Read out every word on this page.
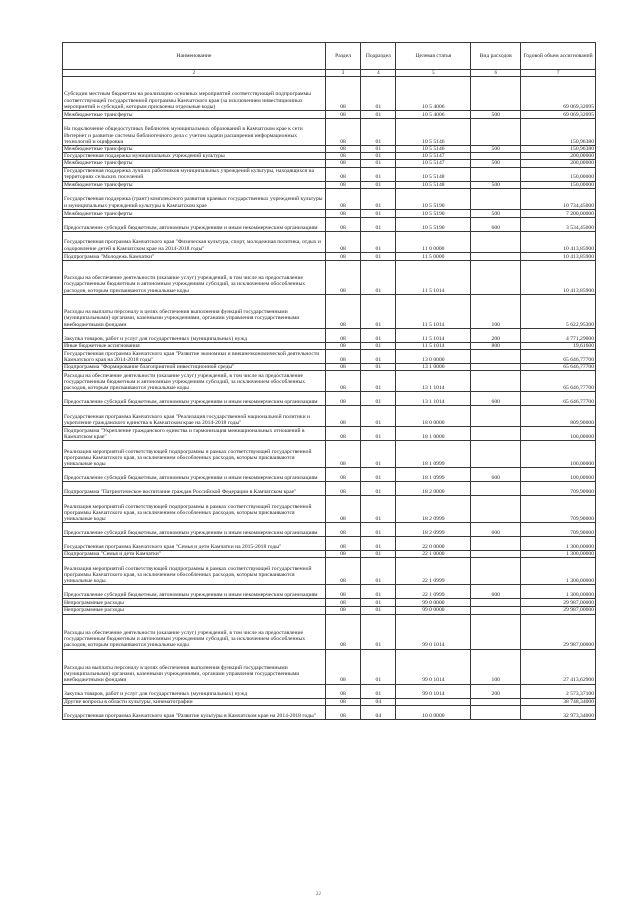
Наименование	Раздел	Подраздел	Целевая статья	Вид расходов	Годовой объем ассигнований
2	3	4	5	6	7
Субсидии местным бюджетам на реализацию основных мероприятий соответствующей подпрограммы соответствующей государственной программы Камчатского края (за исключением инвестиционных мероприятий и субсидий, которым присвоены отдельные коды)	08	01	10 5 4006		69 069,32095
Межбюджетные трансферты	08	01	10 5 4006	500	69 069,32095
На подключение общедоступных библиотек муниципальных образований в Камчатском крае к сети Интернет и развитие системы библиотечного дела с учетом задачи расширения информационных технологий и оцифровки	08	01	10 5 5146		150,96380
Межбюджетные трансферты	08	01	10 5 5146	500	150,96380
Государственная поддержка муниципальных учреждений культуры	08	01	10 5 5147		200,00000
Межбюджетные трансферты	08	01	10 5 5147	500	200,00000
Государственная поддержка лучших работников муниципальных учреждений культуры, находящихся на территориях сельских поселений	08	01	10 5 5148		150,00000
Межбюджетные трансферты	08	01	10 5 5148	500	150,00000
Государственная поддержка (грант) комплексного развития краевых государственных учреждений культуры и муниципальных учреждений культуры в Камчатском крае	08	01	10 5 5190		10 734,45000
Межбюджетные трансферты	08	01	10 5 5190	500	7 200,00000
Предоставление субсидий бюджетным, автономным учреждениям и иным некоммерческим организациям	08	01	10 5 5190	600	3 534,45000
Государственная программа Камчатского края "Физическая культура, спорт, молодежная политика, отдых и оздоровление детей в Камчатском крае на 2014-2018 годы"	08	01	11 0 0000		10 413,85900
Подпрограмма "Молодежь Камчатки"	08	01	11 5 0000		10 413,85900
Расходы на обеспечение деятельности (оказание услуг) учреждений, в том числе на предоставление государственным бюджетным и автономным учреждениям субсидий, за исключением обособленных расходов, которым присваиваются уникальные коды	08	01	11 5 1014		10 413,85900
Расходы на выплаты персоналу в целях обеспечения выполнения функций государственными (муниципальными) органами, казенными учреждениями, органами управления государственными внебюджетными фондами	08	01	11 5 1014	100	5 622,95300
Закупка товаров, работ и услуг для государственных (муниципальных) нужд	08	01	11 5 1014	200	4 771,29000
Иные бюджетные ассигнования	08	01	11 5 1014	800	19,61600
Государственная программа Камчатского края "Развитие экономики и внешнеэкономической деятельности Камчатского края на 2014-2018 годы"	08	01	13 0 0000		65 646,77700
Подпрограмма "Формирование благоприятной инвестиционной среды"	08	01	13 1 0000		65 646,77700
Расходы на обеспечение деятельности (оказание услуг) учреждений, в том числе на предоставление государственным бюджетным и автономным учреждениям субсидий, за исключением обособленных расходов, которым присваиваются уникальные коды	08	01	13 1 1014		65 646,77700
Предоставление субсидий бюджетным, автономным учреждениям и иным некоммерческим организациям	08	01	13 1 1014	600	65 646,77700
Государственная программа Камчатского края "Реализация государственной национальной политики и укрепление гражданского единства в Камчатском крае на 2014-2018 годы"	08	01	18 0 0000		809,90000
Подпрограмма "Укрепление гражданского единства и гармонизация межнациональных отношений в Камчатском крае"	08	01	18 1 0000		100,00000
Реализация мероприятий соответствующей подпрограммы в рамках соответствующей государственной программы Камчатского края, за исключением обособленных расходов, которым присваиваются уникальные коды	08	01	18 1 0999		100,00000
Предоставление субсидий бюджетным, автономным учреждениям и иным некоммерческим организациям	08	01	18 1 0999	600	100,00000
Подпрограмма "Патриотическое воспитание граждан Российской Федерации в Камчатском крае"	08	01	18 2 0000		709,90000
Реализация мероприятий соответствующей подпрограммы в рамках соответствующей государственной программы Камчатского края, за исключением обособленных расходов, которым присваиваются уникальные коды	08	01	18 2 0999		709,90000
Предоставление субсидий бюджетным, автономным учреждениям и иным некоммерческим организациям	08	01	18 2 0999	600	709,90000
Государственная программа Камчатского края "Семья и дети Камчатки на 2015-2018 годы"	08	01	22 0 0000		1 300,00000
Подпрограмма "Семья и дети Камчатки"	08	01	22 1 0000		1 300,00000
Реализация мероприятий соответствующей подпрограммы в рамках соответствующей государственной программы Камчатского края, за исключением обособленных расходов, которым присваиваются уникальные коды	08	01	22 1 0999		1 300,00000
Предоставление субсидий бюджетным, автономным учреждениям и иным некоммерческим организациям	08	01	22 1 0999	600	1 300,00000
Непрограммные расходы	08	01	99 0 0000		29 987,00000
Непрограммные расходы	08	01	99 0 0000		29 987,00000
Расходы на обеспечение деятельности (оказание услуг) учреждений, в том числе на предоставление государственным бюджетным и автономным учреждениям субсидий, за исключением обособленных расходов, которым присваиваются уникальные коды	08	01	99 0 1014		29 987,00000
Расходы на выплаты персоналу в целях обеспечения выполнения функций государственными (муниципальными) органами, казенными учреждениями, органами управления государственными внебюджетными фондами	08	01	99 0 1014	100	27 413,62900
Закупка товаров, работ и услуг для государственных (муниципальных) нужд	08	01	99 0 1014	200	2 573,37100
Другие вопросы в области культуры, кинематографии	08	04			38 748,34000
Государственная программа Камчатского края "Развитие культуры в Камчатском крае на 2014-2018 годы"	08	04	10 0 0000		32 973,34000
22
